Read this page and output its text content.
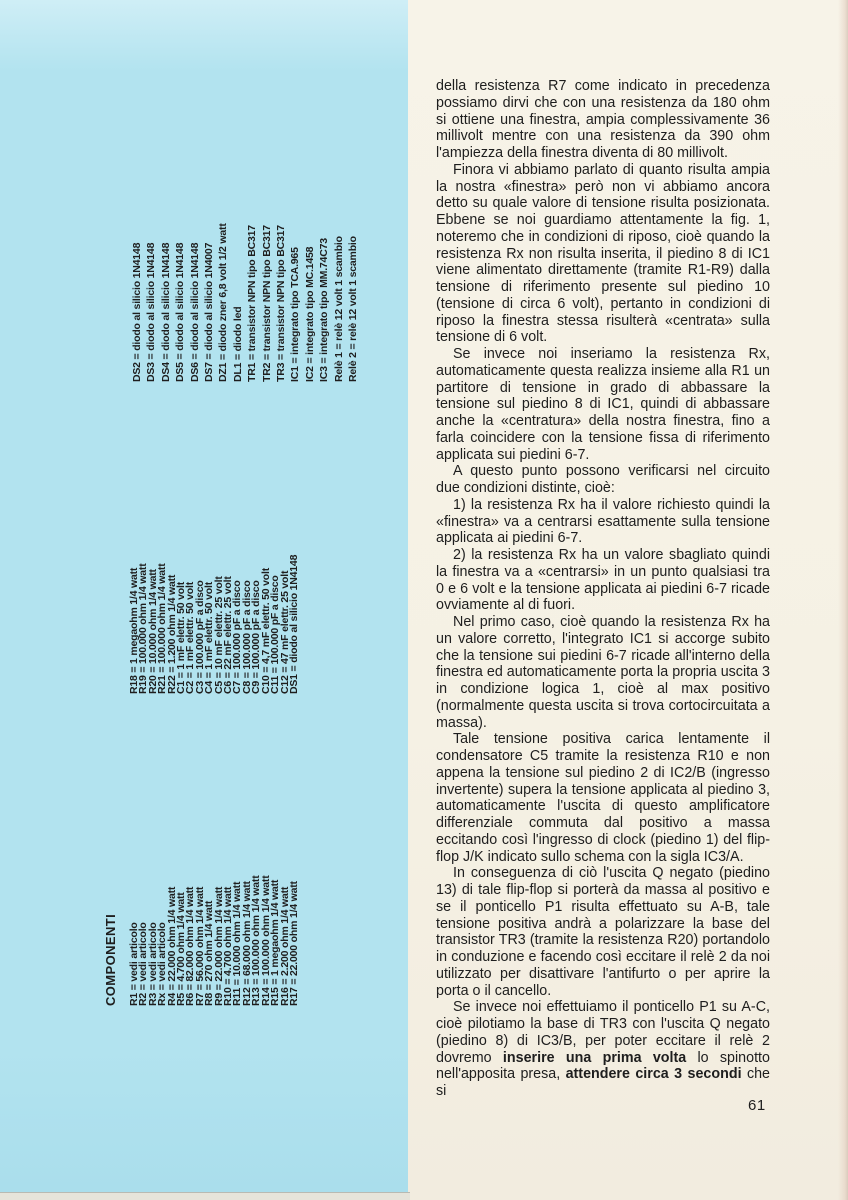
COMPONENTI R1 = vedi articolo
R2 = vedi articolo
R3 = vedi articolo
Rx = vedi articolo
R4 = 22.000 ohm 1/4 watt
R5 = 4.700 ohm 1/4 watt
R6 = 82.000 ohm 1/4 watt
R7 = 56.000 ohm 1/4 watt
R8 = 270 ohm 1/4 watt
R9 = 22.000 ohm 1/4 watt
R10 = 4.700 ohm 1/4 watt
R11 = 10.000 ohm 1/4 watt
R12 = 68.000 ohm 1/4 watt
R13 = 100.000 ohm 1/4 watt
R14 = 100.000 ohm 1/4 watt
R15 = 1 megaohm 1/4 watt
R16 = 2.200 ohm 1/4 watt
R17 = 22.000 ohm 1/4 watt
R18 = 1 megaohm 1/4 watt
R19 = 100.000 ohm 1/4 watt
R20 = 10.000 ohm 1/4 watt
R21 = 100.000 ohm 1/4 watt
R22 = 1.200 ohm 1/4 watt
C1 = 1 mF elettr. 50 volt
C2 = 1 mF elettr. 50 volt
C3 = 100.000 pF a disco
C4 = 1 mF elettr. 50 volt
C5 = 10 mF elettr. 25 volt
C6 = 22 mF elettr. 25 volt
C7 = 100.000 pF a disco
C8 = 100.000 pF a disco
C9 = 100.000 pF a disco
C10 = 4,7 mF elettr. 50 volt
C11 = 100.000 pF a disco
C12 = 47 mF elettr. 25 volt
DS1 = diodo al silicio 1N4148
DS2 = diodo al silicio 1N4148 DS3 = diodo al silicio 1N4148 DS4 = diodo al silicio 1N4148 DS5 = diodo al silicio 1N4148 DS6 = diodo al silicio 1N4148 DS7 = diodo al silicio 1N4007 DZ1 = diodo zner 6,8 volt 1/2 watt DL1 = diodo led TR1 = transistor NPN tipo BC317 TR2 = transistor NPN tipo BC317 TR3 = transistor NPN tipo BC317 IC1 = integrato tipo TCA.965 IC2 = integrato tipo MC.1458 IC3 = integrato tipo MM.74C73 Relè 1 = relè 12 volt 1 scambio Relè 2 = relè 12 volt 1 scambio

della resistenza R7 come indicato in precedenza possiamo dirvi che con una resistenza da 180 ohm si ottiene una finestra, ampia complessivamente 36 millivolt mentre con una resistenza da 390 ohm l'ampiezza della finestra diventa di 80 millivolt.

Finora vi abbiamo parlato di quanto risulta ampia la nostra «finestra» però non vi abbiamo ancora detto su quale valore di tensione risulta posizionata. Ebbene se noi guardiamo attentamente la fig. 1, noteremo che in condizioni di riposo, cioè quando la resistenza Rx non risulta inserita, il piedino 8 di IC1 viene alimentato direttamente (tramite R1-R9) dalla tensione di riferimento presente sul piedino 10 (tensione di circa 6 volt), pertanto in condizioni di riposo la finestra stessa risulterà «centrata» sulla tensione di 6 volt.

Se invece noi inseriamo la resistenza Rx, automaticamente questa realizza insieme alla R1 un partitore di tensione in grado di abbassare la tensione sul piedino 8 di IC1, quindi di abbassare anche la «centratura» della nostra finestra, fino a farla coincidere con la tensione fissa di riferimento applicata sui piedini 6-7.

A questo punto possono verificarsi nel circuito due condizioni distinte, cioè:

1) la resistenza Rx ha il valore richiesto quindi la «finestra» va a centrarsi esattamente sulla tensione applicata ai piedini 6-7.

2) la resistenza Rx ha un valore sbagliato quindi la finestra va a «centrarsi» in un punto qualsiasi tra 0 e 6 volt e la tensione applicata ai piedini 6-7 ricade ovviamente al di fuori.

Nel primo caso, cioè quando la resistenza Rx ha un valore corretto, l'integrato IC1 si accorge subito che la tensione sui piedini 6-7 ricade all'interno della finestra ed automaticamente porta la propria uscita 3 in condizione logica 1, cioè al max positivo (normalmente questa uscita si trova cortocircuitata a massa).

Tale tensione positiva carica lentamente il condensatore C5 tramite la resistenza R10 e non appena la tensione sul piedino 2 di IC2/B (ingresso invertente) supera la tensione applicata al piedino 3, automaticamente l'uscita di questo amplificatore differenziale commuta dal positivo a massa eccitando così l'ingresso di clock (piedino 1) del flip-flop J/K indicato sullo schema con la sigla IC3/A.

In conseguenza di ciò l'uscita Q negato (piedino 13) di tale flip-flop si porterà da massa al positivo e se il ponticello P1 risulta effettuato su A-B, tale tensione positiva andrà a polarizzare la base del transistor TR3 (tramite la resistenza R20) portandolo in conduzione e facendo così eccitare il relè 2 da noi utilizzato per disattivare l'antifurto o per aprire la porta o il cancello.

Se invece noi effettuiamo il ponticello P1 su A-C, cioè pilotiamo la base di TR3 con l'uscita Q negato (piedino 8) di IC3/B, per poter eccitare il relè 2 dovremo inserire una prima volta lo spinotto nell'apposita presa, attendere circa 3 secondi che si

61
